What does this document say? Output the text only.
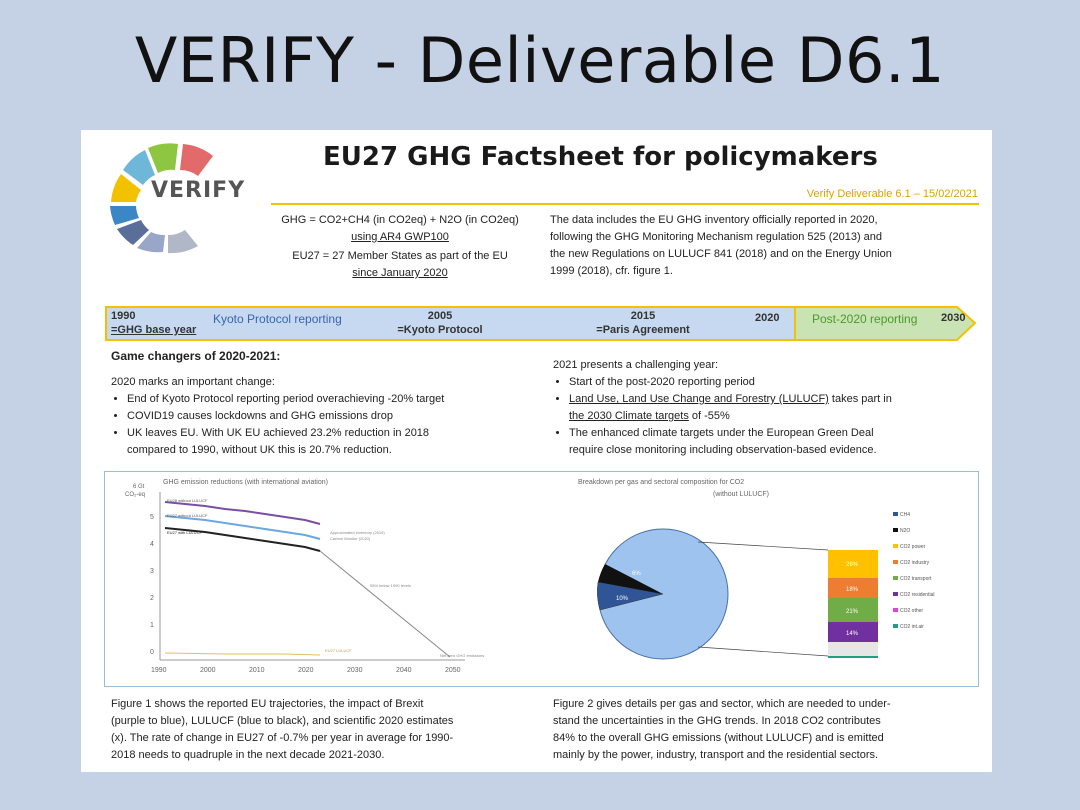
VERIFY - Deliverable D6.1
VERIFY
EU27 GHG Factsheet for policymakers
Verify Deliverable 6.1 – 15/02/2021
GHG = CO2+CH4 (in CO2eq) + N2O (in CO2eq)
using AR4 GWP100
EU27 = 27 Member States as part of the EU
since January 2020
The data includes the EU GHG inventory officially reported in 2020,
following the GHG Monitoring Mechanism regulation 525 (2013) and
the new Regulations on LULUCF 841 (2018) and on the Energy Union
1999 (2018), cfr. figure 1.
1990
=GHG base year
Kyoto Protocol reporting	2005
=Kyoto Protocol
2015
=Paris Agreement
2020	Post-2020 reporting 2030
Game changers of 2020-2021:
2020 marks an important change:
• End of Kyoto Protocol reporting period overachieving -20% target
• COVID19 causes lockdowns and GHG emissions drop
• UK leaves EU. With UK EU achieved 23.2% reduction in 2018
compared to 1990, without UK this is 20.7% reduction.
2021 presents a challenging year:
• Start of the post-2020 reporting period
• Land Use, Land Use Change and Forestry (LULUCF) takes part in
the 2030 Climate targets of -55%
• The enhanced climate targets under the European Green Deal
require close monitoring including observation-based evidence.
GHG emission reductions (with international aviation)
6 Gt
CO₂-eq
5
4
3
2
1
0
1990	2000	2010	2020	2030	2040	2050
EU28 without LULUCF
EU27 without LULUCF
EU27 with LULUCF	Approximated inventory (2019)
Carbon Monitor (2020)
55% below 1990 levels
Net zero GHG emissions
EU27 LULUCF
Breakdown per gas and sectoral composition for CO2
(without LULUCF)
84%
10%
6%
26%
18%
21%
14%
CH4
N2O
CO2 power
CO2 industry
CO2 transport
CO2 residential
CO2 other
CO2 int.air
Figure 1 shows the reported EU trajectories, the impact of Brexit
(purple to blue), LULUCF (blue to black), and scientific 2020 estimates
(x). The rate of change in EU27 of -0.7% per year in average for 1990-
2018 needs to quadruple in the next decade 2021-2030.
Figure 2 gives details per gas and sector, which are needed to under-
stand the uncertainties in the GHG trends. In 2018 CO2 contributes
84% to the overall GHG emissions (without LULUCF) and is emitted
mainly by the power, industry, transport and the residential sectors.
